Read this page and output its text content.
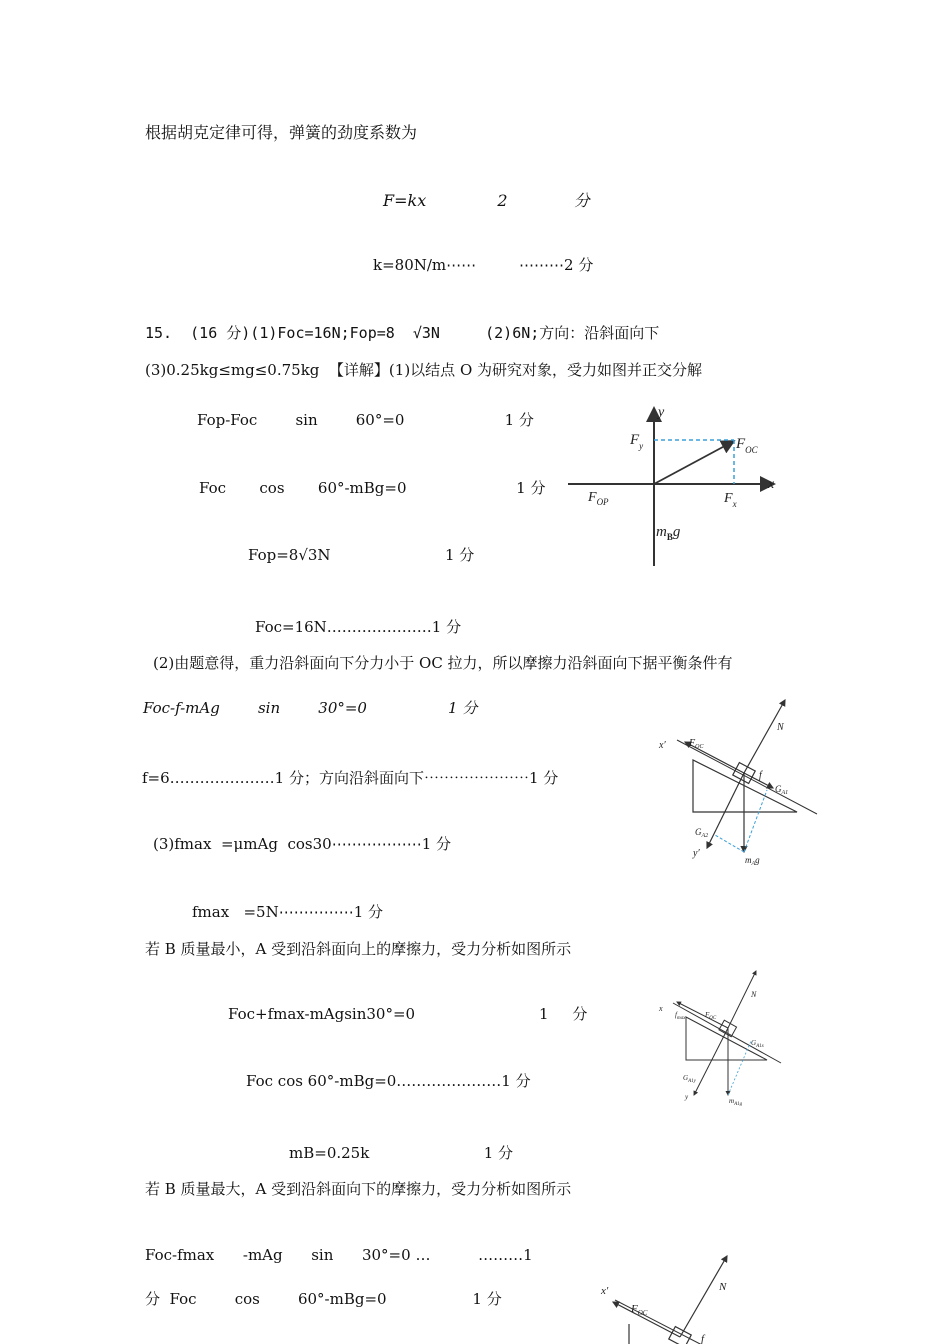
根据胡克定律可得，弹簧的劲度系数为
F=kx              2             分
k=80N/m⋯⋯         ⋯⋯⋯2 分
15.  (16 分)(1)Foc=16N;Fop=8  √3N     (2)6N;方向：沿斜面向下
(3)0.25kg≤mg≤0.75kg  【详解】(1)以结点 O 为研究对象，受力如图并正交分解
Fop-Foc        sin        60°=0                     1 分
Foc       cos       60°-mBg=0                       1 分
Fop=8√3N                        1 分
Foc=16N…………………1 分
(2)由题意得，重力沿斜面向下分力小于 OC 拉力，所以摩擦力沿斜面向下据平衡条件有
Foc-f-mAg        sin        30°=0                 1 分
f=6…………………1 分；方向沿斜面向下⋯⋯⋯⋯⋯⋯⋯1 分
(3)fmax  =μmAg  cos30⋯⋯⋯⋯⋯⋯1 分
fmax   =5N⋯⋯⋯⋯⋯1 分
若 B 质量最小，A 受到沿斜面向上的摩擦力，受力分析如图所示
Foc+fmax-mAgsin30°=0                          1     分
Foc cos 60°-mBg=0…………………1 分
mB=0.25k                        1 分
若 B 质量最大，A 受到沿斜面向下的摩擦力，受力分析如图所示
Foc-fmax      -mAg      sin      30°=0 …          ………1
分  Foc        cos        60°-mBg=0                  1 分
y
x
$F_y$	$F_{OC}$
$F_{OP}$	$F_x$
$m_Bg$
N
x′ $F_{OC}$
f
$G_{A1}$
$G_{A2}$
y′
$m_Ag$
N
x
$f_{max}$	$F_{OC}$
$G_{A1x}$
$G_{A1y}$
y	$m_{A1g}$
N
x′
$F_{OC}$
f
